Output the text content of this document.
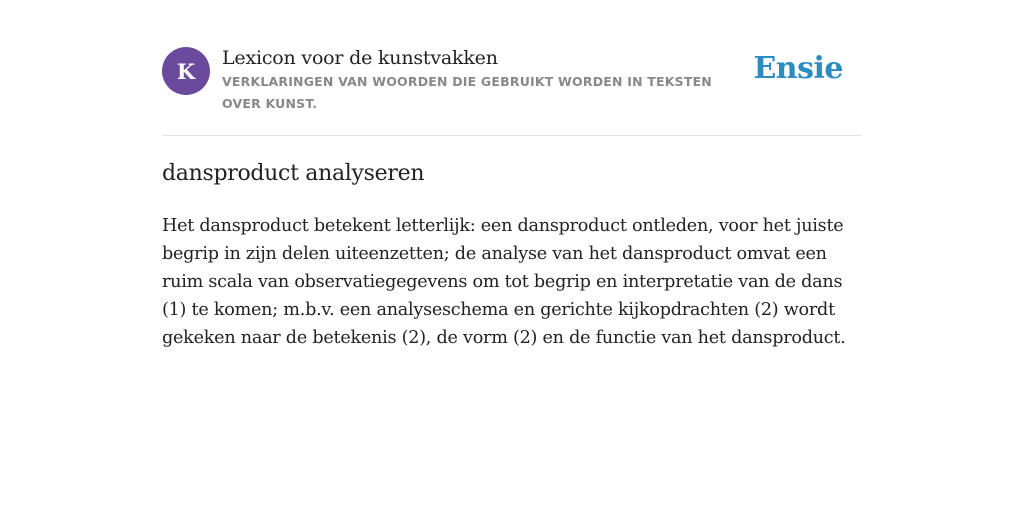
K
Lexicon voor de kunstvakken
VERKLARINGEN VAN WOORDEN DIE GEBRUIKT WORDEN IN TEKSTEN OVER KUNST.
Ensie
dansproduct analyseren

Het dansproduct betekent letterlijk: een dansproduct ontleden, voor het juiste begrip in zijn delen uiteenzetten; de analyse van het dansproduct omvat een ruim scala van observatiegegevens om tot begrip en interpretatie van de dans (1) te komen; m.b.v. een analyseschema en gerichte kijkopdrachten (2) wordt gekeken naar de betekenis (2), de vorm (2) en de functie van het dansproduct.
